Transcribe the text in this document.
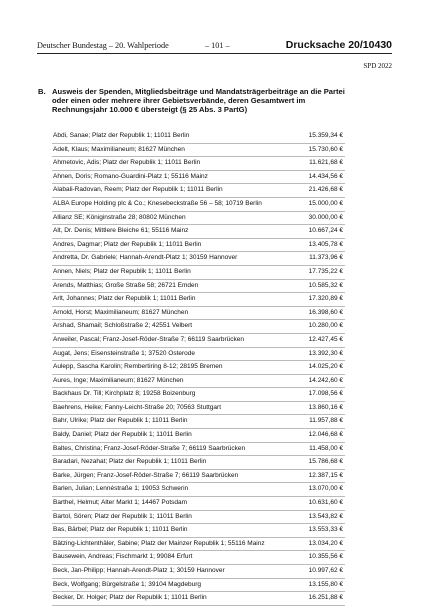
Deutscher Bundestag – 20. Wahlperiode	– 101 –	Drucksache 20/10430
SPD 2022
B. Ausweis der Spenden, Mitgliedsbeiträge und Mandatsträgerbeiträge an die Partei oder einen oder mehrere ihrer Gebietsverbände, deren Gesamtwert im Rechnungsjahr 10.000 € übersteigt (§ 25 Abs. 3 PartG)
Abdi, Sanae; Platz der Republik 1; 11011 Berlin	15.359,34 €
Adelt, Klaus; Maximilianeum; 81627 München	15.730,60 €
Ahmetovic, Adis; Platz der Republik 1; 11011 Berlin	11.621,68 €
Ahnen, Doris; Romano-Guardini-Platz 1; 55116 Mainz	14.434,56 €
Alabali-Radovan, Reem; Platz der Republik 1; 11011 Berlin	21.426,68 €
ALBA Europe Holding plc & Co.; Knesebeckstraße 56 – 58; 10719 Berlin	15.000,00 €
Allianz SE; Königinstraße 28; 80802 München	30.000,00 €
Alt, Dr. Denis; Mittlere Bleiche 61; 55116 Mainz	10.667,24 €
Andres, Dagmar; Platz der Republik 1; 11011 Berlin	13.405,78 €
Andretta, Dr. Gabriele; Hannah-Arendt-Platz 1; 30159 Hannover	11.373,96 €
Annen, Niels; Platz der Republik 1; 11011 Berlin	17.735,22 €
Arends, Matthias; Große Straße 58; 26721 Emden	10.585,32 €
Arlt, Johannes; Platz der Republik 1; 11011 Berlin	17.320,89 €
Arnold, Horst; Maximilianeum; 81627 München	16.398,60 €
Arshad, Shamail; Schloßstraße 2; 42551 Velbert	10.280,00 €
Arweiler, Pascal; Franz-Josef-Röder-Straße 7; 66119 Saarbrücken	12.427,45 €
Augat, Jens; Eisensteinstraße 1; 37520 Osterode	13.392,30 €
Aulepp, Sascha Karolin; Rembertiring 8-12; 28195 Bremen	14.025,20 €
Aures, Inge; Maximilianeum; 81627 München	14.242,60 €
Backhaus Dr. Till; Kirchplatz 8; 19258 Boizenburg	17.098,56 €
Baehrens, Heike; Fanny-Leicht-Straße 20; 70563 Stuttgart	13.860,16 €
Bahr, Ulrike; Platz der Republik 1; 11011 Berlin	11.957,88 €
Baldy, Daniel; Platz der Republik 1; 11011 Berlin	12.046,68 €
Baltes, Christina; Franz-Josef-Röder-Straße 7; 66119 Saarbrücken	11.458,00 €
Baradari, Nezahat; Platz der Republik 1; 11011 Berlin	15.786,68 €
Barke, Jürgen; Franz-Josef-Röder-Straße 7; 66119 Saarbrücken	12.387,15 €
Barlen, Julian; Lennéstraße 1; 19053 Schwerin	13.070,00 €
Barthel, Helmut; Alter Markt 1; 14467 Potsdam	10.631,60 €
Bartol, Sören; Platz der Republik 1; 11011 Berlin	13.543,82 €
Bas, Bärbel; Platz der Republik 1; 11011 Berlin	13.553,33 €
Bätzing-Lichtenthäler, Sabine; Platz der Mainzer Republik 1; 55116 Mainz	13.034,20 €
Bausewein, Andreas; Fischmarkt 1; 99084 Erfurt	10.355,56 €
Beck, Jan-Philipp; Hannah-Arendt-Platz 1; 30159 Hannover	10.997,62 €
Beck, Wolfgang; Bürgelstraße 1; 39104 Magdeburg	13.155,80 €
Becker, Dr. Holger; Platz der Republik 1; 11011 Berlin	16.251,88 €
